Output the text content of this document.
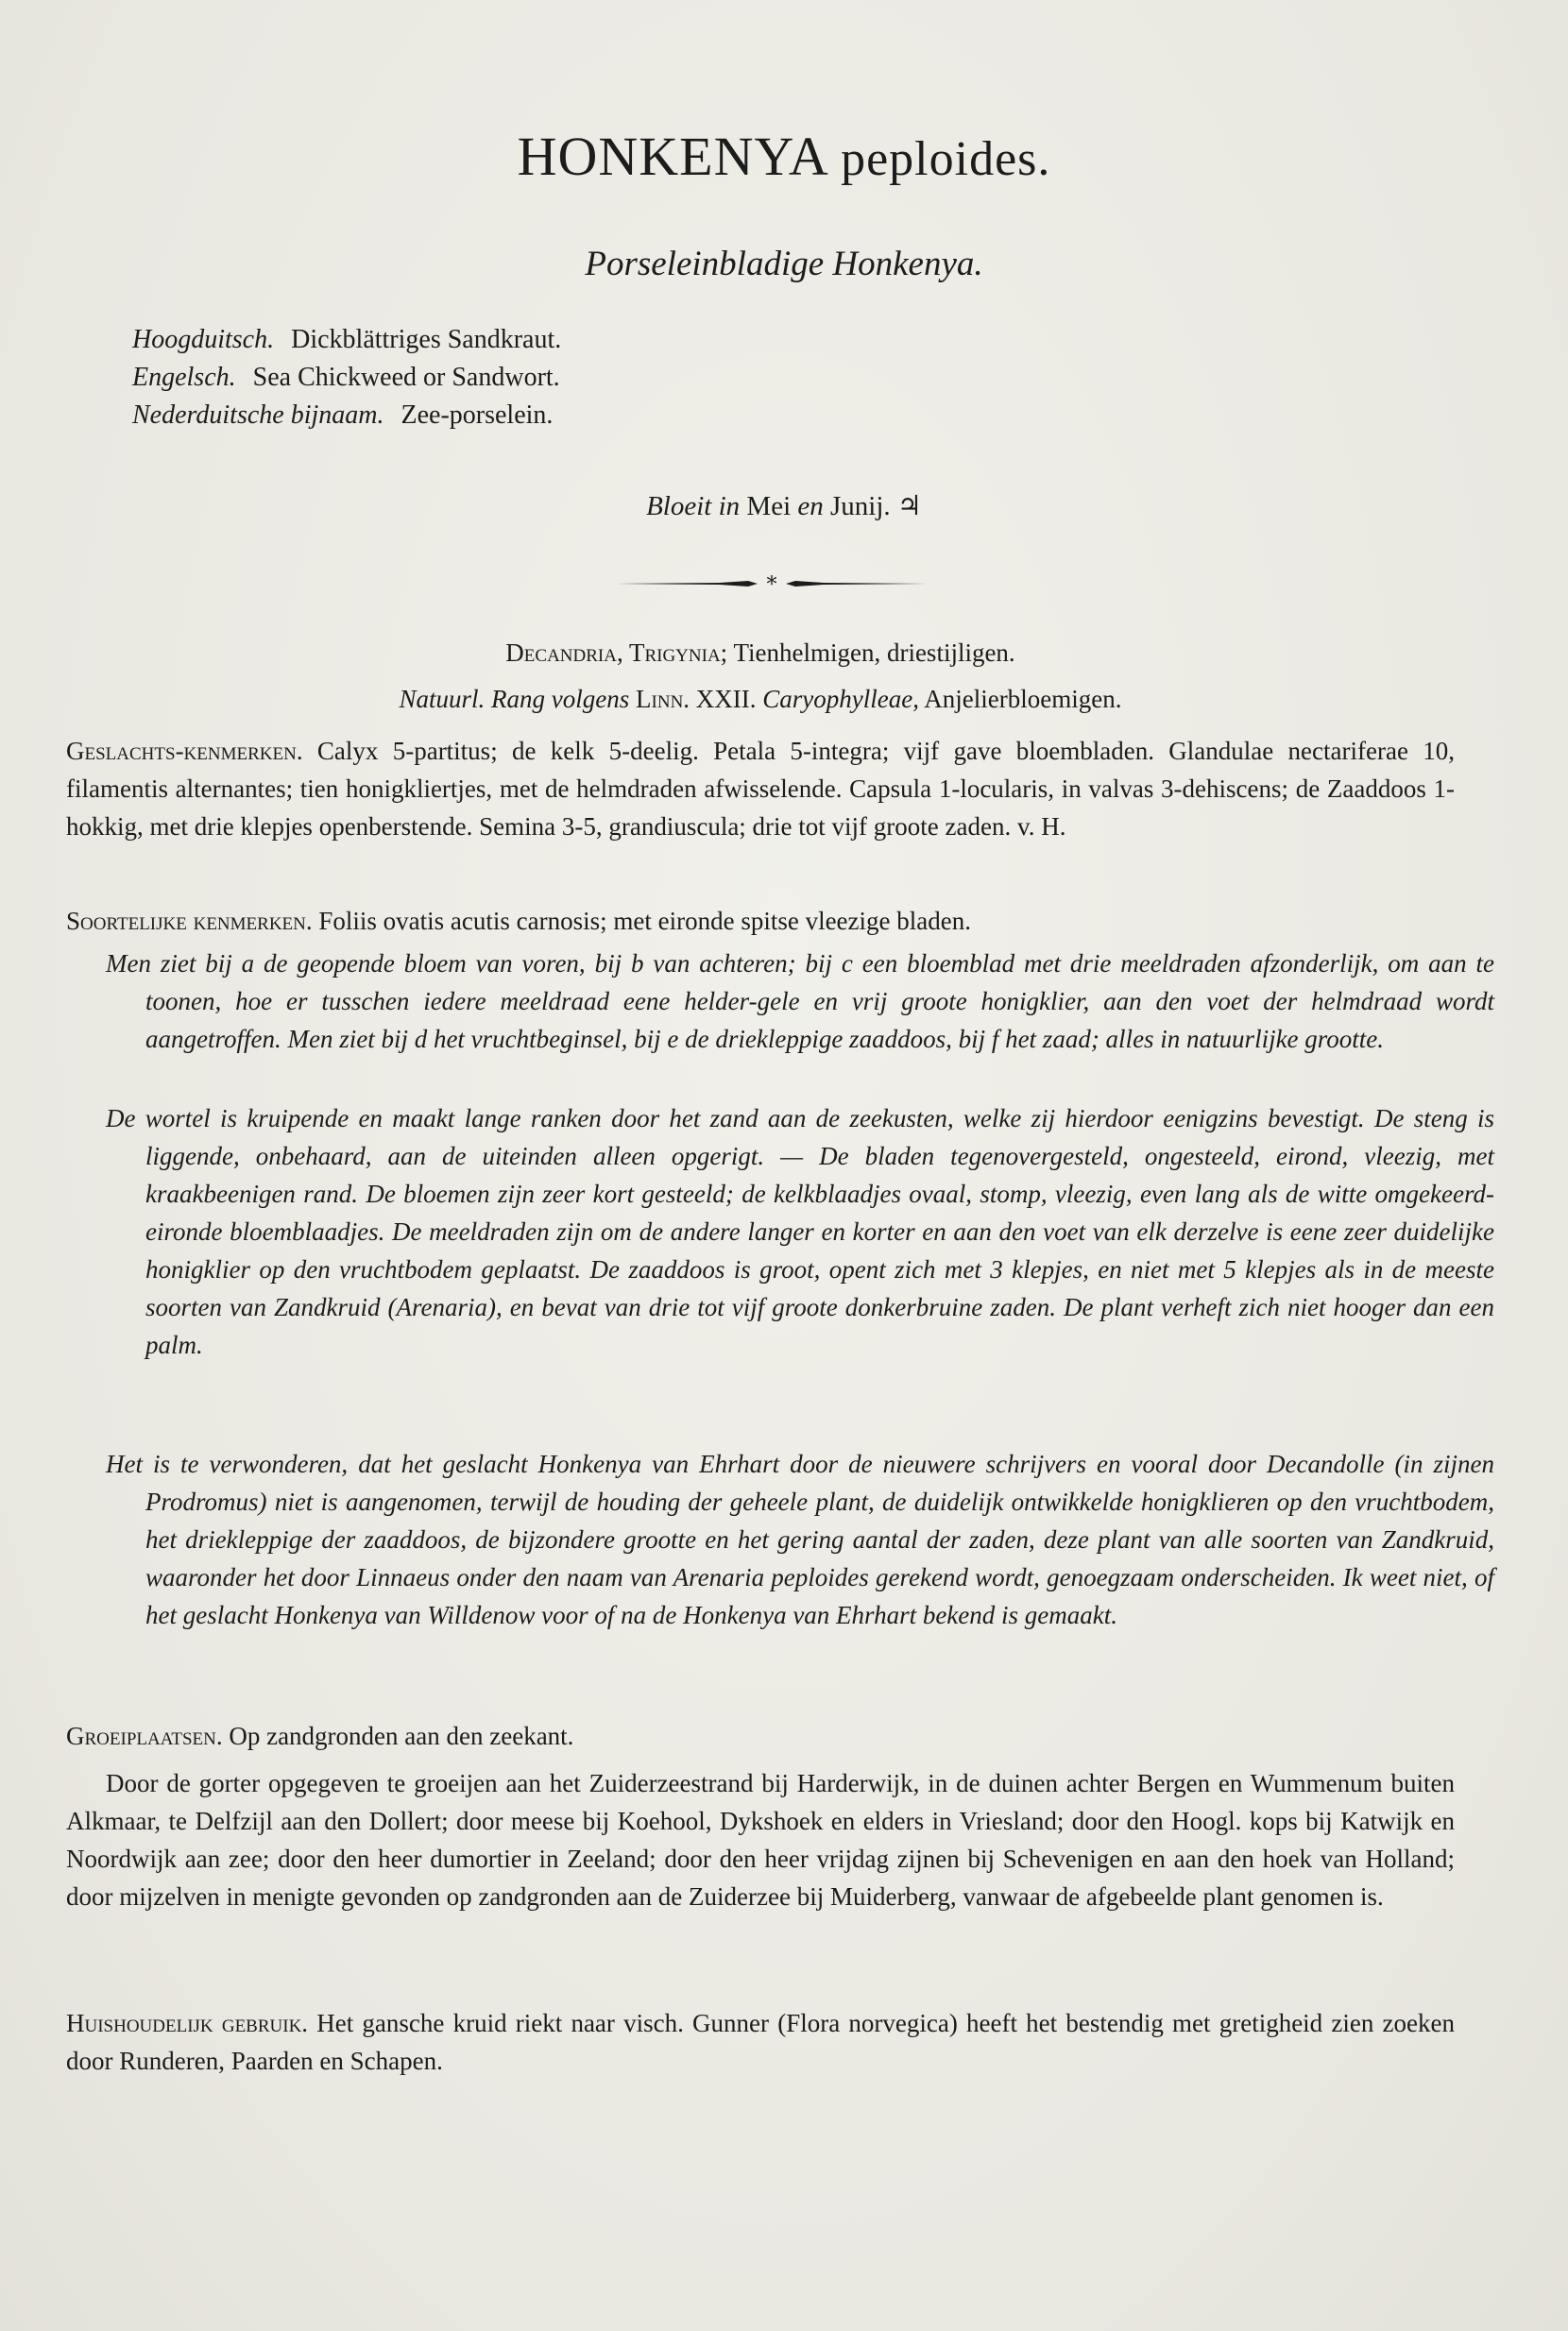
HONKENYA peploides.
Porseleinbladige Honkenya.
Hoogduitsch. Dickblättriges Sandkraut.
Engelsch. Sea Chickweed or Sandwort.
Nederduitsche bijnaam. Zee-porselein.
Bloeit in Mei en Junij. ♃
*
Decandria, Trigynia; Tienhelmigen, driestijligen.
Natuurl. Rang volgens Linn. XXII. Caryophylleae, Anjelierbloemigen.

Geslachts-kenmerken. Calyx 5-partitus; de kelk 5-deelig. Petala 5-integra; vijf gave bloembladen. Glandulae nectariferae 10, filamentis alternantes; tien honigkliertjes, met de helmdraden afwisselende. Capsula 1-locularis, in valvas 3-dehiscens; de Zaaddoos 1-hokkig, met drie klepjes openberstende. Semina 3-5, grandiuscula; drie tot vijf groote zaden. v. H.

Soortelijke kenmerken. Foliis ovatis acutis carnosis; met eironde spitse vleezige bladen.

Men ziet bij a de geopende bloem van voren, bij b van achteren; bij c een bloemblad met drie meeldraden afzonderlijk, om aan te toonen, hoe er tusschen iedere meeldraad eene helder-gele en vrij groote honigklier, aan den voet der helmdraad wordt aangetroffen. Men ziet bij d het vruchtbeginsel, bij e de driekleppige zaaddoos, bij f het zaad; alles in natuurlijke grootte.

De wortel is kruipende en maakt lange ranken door het zand aan de zeekusten, welke zij hierdoor eenigzins bevestigt. De steng is liggende, onbehaard, aan de uiteinden alleen opgerigt. — De bladen tegenovergesteld, ongesteeld, eirond, vleezig, met kraakbeenigen rand. De bloemen zijn zeer kort gesteeld; de kelkblaadjes ovaal, stomp, vleezig, even lang als de witte omgekeerd-eironde bloemblaadjes. De meeldraden zijn om de andere langer en korter en aan den voet van elk derzelve is eene zeer duidelijke honigklier op den vruchtbodem geplaatst. De zaaddoos is groot, opent zich met 3 klepjes, en niet met 5 klepjes als in de meeste soorten van Zandkruid (Arenaria), en bevat van drie tot vijf groote donkerbruine zaden. De plant verheft zich niet hooger dan een palm.

Het is te verwonderen, dat het geslacht Honkenya van Ehrhart door de nieuwere schrijvers en vooral door Decandolle (in zijnen Prodromus) niet is aangenomen, terwijl de houding der geheele plant, de duidelijk ontwikkelde honigklieren op den vruchtbodem, het driekleppige der zaaddoos, de bijzondere grootte en het gering aantal der zaden, deze plant van alle soorten van Zandkruid, waaronder het door Linnaeus onder den naam van Arenaria peploides gerekend wordt, genoegzaam onderscheiden. Ik weet niet, of het geslacht Honkenya van Willdenow voor of na de Honkenya van Ehrhart bekend is gemaakt.

Groeiplaatsen. Op zandgronden aan den zeekant.

Door de gorter opgegeven te groeijen aan het Zuiderzeestrand bij Harderwijk, in de duinen achter Bergen en Wummenum buiten Alkmaar, te Delfzijl aan den Dollert; door meese bij Koehool, Dykshoek en elders in Vriesland; door den Hoogl. kops bij Katwijk en Noordwijk aan zee; door den heer dumortier in Zeeland; door den heer vrijdag zijnen bij Schevenigen en aan den hoek van Holland; door mijzelven in menigte gevonden op zandgronden aan de Zuiderzee bij Muiderberg, vanwaar de afgebeelde plant genomen is.

Huishoudelijk gebruik. Het gansche kruid riekt naar visch. Gunner (Flora norvegica) heeft het bestendig met gretigheid zien zoeken door Runderen, Paarden en Schapen.
